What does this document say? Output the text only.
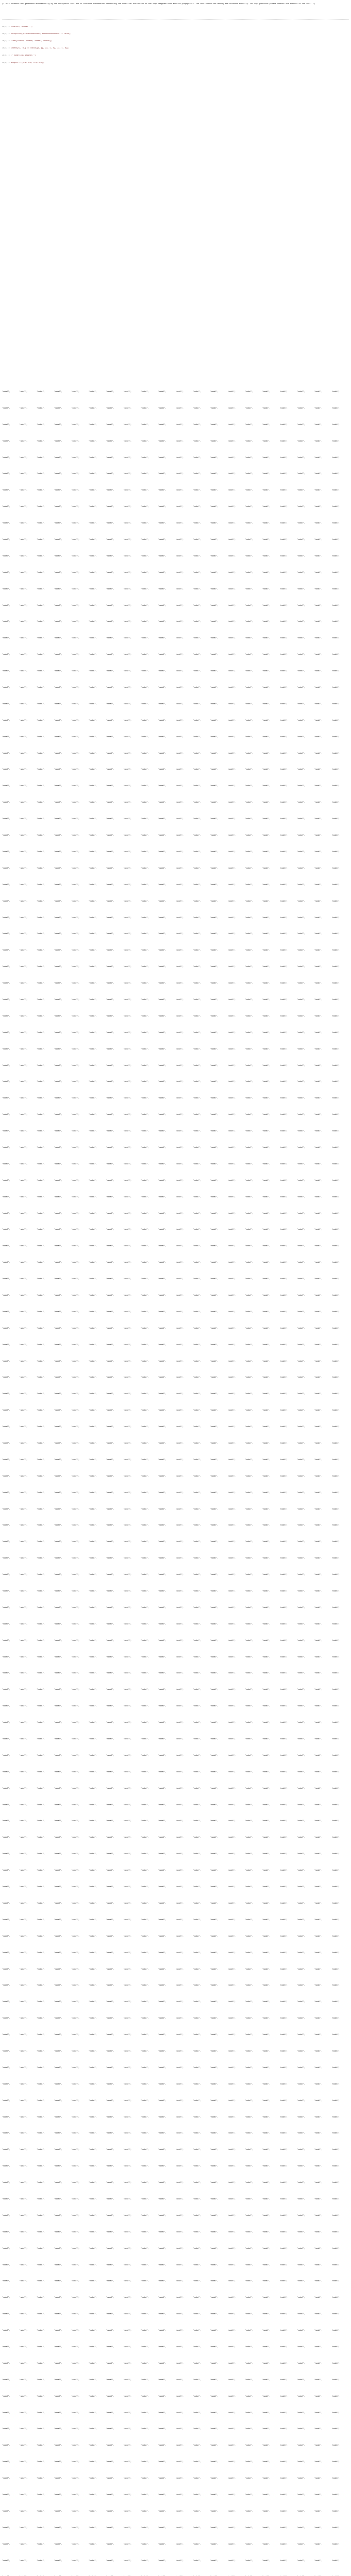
(* This notebook was generated automatically by the BCFeynArts tool and it contains information concerning the numerical evaluation of one-loop diagrams with massive propagators. The user should not modify the notebook manually. For any questions please contact the authors of the tool. *)
In[1]:= ClearAll["Global`*"]
In[2]:= SetOptions[$FrontEndSession, NotebookAutoSave -> False];
In[3]:= Clear[indexA, indexB, indexC, indexD];
In[4]:= indexA[n_, m_] := Table[{i, j}, {i, 1, n}, {j, 1, m}];
In[5]:= (* numerical weights *)
In[6]:= weights = {0.1, 0.2, 0.3, 0.4};
"nodal",	"nodal",	"nodal",	"nodal",	"nodal",	"nodal",	"nodal",	"nodal",	"nodal",	"nodal",	"nodal",	"nodal",	"nodal",	"nodal",	"nodal",	"nodal",	"nodal",	"nodal",	"nodal",	"nodal",
"nodal",	"nodal",	"nodal",	"nodal",	"nodal",	"nodal",	"nodal",	"nodal",	"nodal",	"nodal",	"nodal",	"nodal",	"nodal",	"nodal",	"nodal",	"nodal",	"nodal",	"nodal",	"nodal",	"nodal",
"nodal",	"nodal",	"nodal",	"nodal",	"nodal",	"nodal",	"nodal",	"nodal",	"nodal",	"nodal",	"nodal",	"nodal",	"nodal",	"nodal",	"nodal",	"nodal",	"nodal",	"nodal",	"nodal",	"nodal",
"nodal",	"nodal",	"nodal",	"nodal",	"nodal",	"nodal",	"nodal",	"nodal",	"nodal",	"nodal",	"nodal",	"nodal",	"nodal",	"nodal",	"nodal",	"nodal",	"nodal",	"nodal",	"nodal",	"nodal",
"nodal",	"nodal",	"nodal",	"nodal",	"nodal",	"nodal",	"nodal",	"nodal",	"nodal",	"nodal",	"nodal",	"nodal",	"nodal",	"nodal",	"nodal",	"nodal",	"nodal",	"nodal",	"nodal",	"nodal",
"nodal",	"nodal",	"nodal",	"nodal",	"nodal",	"nodal",	"nodal",	"nodal",	"nodal",	"nodal",	"nodal",	"nodal",	"nodal",	"nodal",	"nodal",	"nodal",	"nodal",	"nodal",	"nodal",	"nodal",
"nodal",	"nodal",	"nodal",	"nodal",	"nodal",	"nodal",	"nodal",	"nodal",	"nodal",	"nodal",	"nodal",	"nodal",	"nodal",	"nodal",	"nodal",	"nodal",	"nodal",	"nodal",	"nodal",	"nodal",
"nodal",	"nodal",	"nodal",	"nodal",	"nodal",	"nodal",	"nodal",	"nodal",	"nodal",	"nodal",	"nodal",	"nodal",	"nodal",	"nodal",	"nodal",	"nodal",	"nodal",	"nodal",	"nodal",	"nodal",
"nodal",	"nodal",	"nodal",	"nodal",	"nodal",	"nodal",	"nodal",	"nodal",	"nodal",	"nodal",	"nodal",	"nodal",	"nodal",	"nodal",	"nodal",	"nodal",	"nodal",	"nodal",	"nodal",	"nodal",
"nodal",	"nodal",	"nodal",	"nodal",	"nodal",	"nodal",	"nodal",	"nodal",	"nodal",	"nodal",	"nodal",	"nodal",	"nodal",	"nodal",	"nodal",	"nodal",	"nodal",	"nodal",	"nodal",	"nodal",
"nodal",	"nodal",	"nodal",	"nodal",	"nodal",	"nodal",	"nodal",	"nodal",	"nodal",	"nodal",	"nodal",	"nodal",	"nodal",	"nodal",	"nodal",	"nodal",	"nodal",	"nodal",	"nodal",	"nodal",
"nodal",	"nodal",	"nodal",	"nodal",	"nodal",	"nodal",	"nodal",	"nodal",	"nodal",	"nodal",	"nodal",	"nodal",	"nodal",	"nodal",	"nodal",	"nodal",	"nodal",	"nodal",	"nodal",	"nodal",
"nodal",	"nodal",	"nodal",	"nodal",	"nodal",	"nodal",	"nodal",	"nodal",	"nodal",	"nodal",	"nodal",	"nodal",	"nodal",	"nodal",	"nodal",	"nodal",	"nodal",	"nodal",	"nodal",	"nodal",
"nodal",	"nodal",	"nodal",	"nodal",	"nodal",	"nodal",	"nodal",	"nodal",	"nodal",	"nodal",	"nodal",	"nodal",	"nodal",	"nodal",	"nodal",	"nodal",	"nodal",	"nodal",	"nodal",	"nodal",
"nodal",	"nodal",	"nodal",	"nodal",	"nodal",	"nodal",	"nodal",	"nodal",	"nodal",	"nodal",	"nodal",	"nodal",	"nodal",	"nodal",	"nodal",	"nodal",	"nodal",	"nodal",	"nodal",	"nodal",
"nodal",	"nodal",	"nodal",	"nodal",	"nodal",	"nodal",	"nodal",	"nodal",	"nodal",	"nodal",	"nodal",	"nodal",	"nodal",	"nodal",	"nodal",	"nodal",	"nodal",	"nodal",	"nodal",	"nodal",
"nodal",	"nodal",	"nodal",	"nodal",	"nodal",	"nodal",	"nodal",	"nodal",	"nodal",	"nodal",	"nodal",	"nodal",	"nodal",	"nodal",	"nodal",	"nodal",	"nodal",	"nodal",	"nodal",	"nodal",
"nodal",	"nodal",	"nodal",	"nodal",	"nodal",	"nodal",	"nodal",	"nodal",	"nodal",	"nodal",	"nodal",	"nodal",	"nodal",	"nodal",	"nodal",	"nodal",	"nodal",	"nodal",	"nodal",	"nodal",
"nodal",	"nodal",	"nodal",	"nodal",	"nodal",	"nodal",	"nodal",	"nodal",	"nodal",	"nodal",	"nodal",	"nodal",	"nodal",	"nodal",	"nodal",	"nodal",	"nodal",	"nodal",	"nodal",	"nodal",
"nodal",	"nodal",	"nodal",	"nodal",	"nodal",	"nodal",	"nodal",	"nodal",	"nodal",	"nodal",	"nodal",	"nodal",	"nodal",	"nodal",	"nodal",	"nodal",	"nodal",	"nodal",	"nodal",	"nodal",
"nodal",	"nodal",	"nodal",	"nodal",	"nodal",	"nodal",	"nodal",	"nodal",	"nodal",	"nodal",	"nodal",	"nodal",	"nodal",	"nodal",	"nodal",	"nodal",	"nodal",	"nodal",	"nodal",	"nodal",
"nodal",	"nodal",	"nodal",	"nodal",	"nodal",	"nodal",	"nodal",	"nodal",	"nodal",	"nodal",	"nodal",	"nodal",	"nodal",	"nodal",	"nodal",	"nodal",	"nodal",	"nodal",	"nodal",	"nodal",
"nodal",	"nodal",	"nodal",	"nodal",	"nodal",	"nodal",	"nodal",	"nodal",	"nodal",	"nodal",	"nodal",	"nodal",	"nodal",	"nodal",	"nodal",	"nodal",	"nodal",	"nodal",	"nodal",	"nodal",
"nodal",	"nodal",	"nodal",	"nodal",	"nodal",	"nodal",	"nodal",	"nodal",	"nodal",	"nodal",	"nodal",	"nodal",	"nodal",	"nodal",	"nodal",	"nodal",	"nodal",	"nodal",	"nodal",	"nodal",
"nodal",	"nodal",	"nodal",	"nodal",	"nodal",	"nodal",	"nodal",	"nodal",	"nodal",	"nodal",	"nodal",	"nodal",	"nodal",	"nodal",	"nodal",	"nodal",	"nodal",	"nodal",	"nodal",	"nodal",
"nodal",	"nodal",	"nodal",	"nodal",	"nodal",	"nodal",	"nodal",	"nodal",	"nodal",	"nodal",	"nodal",	"nodal",	"nodal",	"nodal",	"nodal",	"nodal",	"nodal",	"nodal",	"nodal",	"nodal",
"nodal",	"nodal",	"nodal",	"nodal",	"nodal",	"nodal",	"nodal",	"nodal",	"nodal",	"nodal",	"nodal",	"nodal",	"nodal",	"nodal",	"nodal",	"nodal",	"nodal",	"nodal",	"nodal",	"nodal",
"nodal",	"nodal",	"nodal",	"nodal",	"nodal",	"nodal",	"nodal",	"nodal",	"nodal",	"nodal",	"nodal",	"nodal",	"nodal",	"nodal",	"nodal",	"nodal",	"nodal",	"nodal",	"nodal",	"nodal",
"nodal",	"nodal",	"nodal",	"nodal",	"nodal",	"nodal",	"nodal",	"nodal",	"nodal",	"nodal",	"nodal",	"nodal",	"nodal",	"nodal",	"nodal",	"nodal",	"nodal",	"nodal",	"nodal",	"nodal",
"nodal",	"nodal",	"nodal",	"nodal",	"nodal",	"nodal",	"nodal",	"nodal",	"nodal",	"nodal",	"nodal",	"nodal",	"nodal",	"nodal",	"nodal",	"nodal",	"nodal",	"nodal",	"nodal",	"nodal",
"nodal",	"nodal",	"nodal",	"nodal",	"nodal",	"nodal",	"nodal",	"nodal",	"nodal",	"nodal",	"nodal",	"nodal",	"nodal",	"nodal",	"nodal",	"nodal",	"nodal",	"nodal",	"nodal",	"nodal",
"nodal",	"nodal",	"nodal",	"nodal",	"nodal",	"nodal",	"nodal",	"nodal",	"nodal",	"nodal",	"nodal",	"nodal",	"nodal",	"nodal",	"nodal",	"nodal",	"nodal",	"nodal",	"nodal",	"nodal",
"nodal",	"nodal",	"nodal",	"nodal",	"nodal",	"nodal",	"nodal",	"nodal",	"nodal",	"nodal",	"nodal",	"nodal",	"nodal",	"nodal",	"nodal",	"nodal",	"nodal",	"nodal",	"nodal",	"nodal",
"nodal",	"nodal",	"nodal",	"nodal",	"nodal",	"nodal",	"nodal",	"nodal",	"nodal",	"nodal",	"nodal",	"nodal",	"nodal",	"nodal",	"nodal",	"nodal",	"nodal",	"nodal",	"nodal",	"nodal",
"nodal",	"nodal",	"nodal",	"nodal",	"nodal",	"nodal",	"nodal",	"nodal",	"nodal",	"nodal",	"nodal",	"nodal",	"nodal",	"nodal",	"nodal",	"nodal",	"nodal",	"nodal",	"nodal",	"nodal",
"nodal",	"nodal",	"nodal",	"nodal",	"nodal",	"nodal",	"nodal",	"nodal",	"nodal",	"nodal",	"nodal",	"nodal",	"nodal",	"nodal",	"nodal",	"nodal",	"nodal",	"nodal",	"nodal",	"nodal",
"nodal",	"nodal",	"nodal",	"nodal",	"nodal",	"nodal",	"nodal",	"nodal",	"nodal",	"nodal",	"nodal",	"nodal",	"nodal",	"nodal",	"nodal",	"nodal",	"nodal",	"nodal",	"nodal",	"nodal",
"nodal",	"nodal",	"nodal",	"nodal",	"nodal",	"nodal",	"nodal",	"nodal",	"nodal",	"nodal",	"nodal",	"nodal",	"nodal",	"nodal",	"nodal",	"nodal",	"nodal",	"nodal",	"nodal",	"nodal",
"nodal",	"nodal",	"nodal",	"nodal",	"nodal",	"nodal",	"nodal",	"nodal",	"nodal",	"nodal",	"nodal",	"nodal",	"nodal",	"nodal",	"nodal",	"nodal",	"nodal",	"nodal",	"nodal",	"nodal",
"nodal",	"nodal",	"nodal",	"nodal",	"nodal",	"nodal",	"nodal",	"nodal",	"nodal",	"nodal",	"nodal",	"nodal",	"nodal",	"nodal",	"nodal",	"nodal",	"nodal",	"nodal",	"nodal",	"nodal",
"nodal",	"nodal",	"nodal",	"nodal",	"nodal",	"nodal",	"nodal",	"nodal",	"nodal",	"nodal",	"nodal",	"nodal",	"nodal",	"nodal",	"nodal",	"nodal",	"nodal",	"nodal",	"nodal",	"nodal",
"nodal",	"nodal",	"nodal",	"nodal",	"nodal",	"nodal",	"nodal",	"nodal",	"nodal",	"nodal",	"nodal",	"nodal",	"nodal",	"nodal",	"nodal",	"nodal",	"nodal",	"nodal",	"nodal",	"nodal",
"nodal",	"nodal",	"nodal",	"nodal",	"nodal",	"nodal",	"nodal",	"nodal",	"nodal",	"nodal",	"nodal",	"nodal",	"nodal",	"nodal",	"nodal",	"nodal",	"nodal",	"nodal",	"nodal",	"nodal",
"nodal",	"nodal",	"nodal",	"nodal",	"nodal",	"nodal",	"nodal",	"nodal",	"nodal",	"nodal",	"nodal",	"nodal",	"nodal",	"nodal",	"nodal",	"nodal",	"nodal",	"nodal",	"nodal",	"nodal",
"nodal",	"nodal",	"nodal",	"nodal",	"nodal",	"nodal",	"nodal",	"nodal",	"nodal",	"nodal",	"nodal",	"nodal",	"nodal",	"nodal",	"nodal",	"nodal",	"nodal",	"nodal",	"nodal",	"nodal",
"nodal",	"nodal",	"nodal",	"nodal",	"nodal",	"nodal",	"nodal",	"nodal",	"nodal",	"nodal",	"nodal",	"nodal",	"nodal",	"nodal",	"nodal",	"nodal",	"nodal",	"nodal",	"nodal",	"nodal",
"nodal",	"nodal",	"nodal",	"nodal",	"nodal",	"nodal",	"nodal",	"nodal",	"nodal",	"nodal",	"nodal",	"nodal",	"nodal",	"nodal",	"nodal",	"nodal",	"nodal",	"nodal",	"nodal",	"nodal",
"nodal",	"nodal",	"nodal",	"nodal",	"nodal",	"nodal",	"nodal",	"nodal",	"nodal",	"nodal",	"nodal",	"nodal",	"nodal",	"nodal",	"nodal",	"nodal",	"nodal",	"nodal",	"nodal",	"nodal",
"nodal",	"nodal",	"nodal",	"nodal",	"nodal",	"nodal",	"nodal",	"nodal",	"nodal",	"nodal",	"nodal",	"nodal",	"nodal",	"nodal",	"nodal",	"nodal",	"nodal",	"nodal",	"nodal",	"nodal",
"nodal",	"nodal",	"nodal",	"nodal",	"nodal",	"nodal",	"nodal",	"nodal",	"nodal",	"nodal",	"nodal",	"nodal",	"nodal",	"nodal",	"nodal",	"nodal",	"nodal",	"nodal",	"nodal",	"nodal",
"nodal",	"nodal",	"nodal",	"nodal",	"nodal",	"nodal",	"nodal",	"nodal",	"nodal",	"nodal",	"nodal",	"nodal",	"nodal",	"nodal",	"nodal",	"nodal",	"nodal",	"nodal",	"nodal",	"nodal",
"nodal",	"nodal",	"nodal",	"nodal",	"nodal",	"nodal",	"nodal",	"nodal",	"nodal",	"nodal",	"nodal",	"nodal",	"nodal",	"nodal",	"nodal",	"nodal",	"nodal",	"nodal",	"nodal",	"nodal",
"nodal",	"nodal",	"nodal",	"nodal",	"nodal",	"nodal",	"nodal",	"nodal",	"nodal",	"nodal",	"nodal",	"nodal",	"nodal",	"nodal",	"nodal",	"nodal",	"nodal",	"nodal",	"nodal",	"nodal",
"nodal",	"nodal",	"nodal",	"nodal",	"nodal",	"nodal",	"nodal",	"nodal",	"nodal",	"nodal",	"nodal",	"nodal",	"nodal",	"nodal",	"nodal",	"nodal",	"nodal",	"nodal",	"nodal",	"nodal",
"nodal",	"nodal",	"nodal",	"nodal",	"nodal",	"nodal",	"nodal",	"nodal",	"nodal",	"nodal",	"nodal",	"nodal",	"nodal",	"nodal",	"nodal",	"nodal",	"nodal",	"nodal",	"nodal",	"nodal",
"nodal",	"nodal",	"nodal",	"nodal",	"nodal",	"nodal",	"nodal",	"nodal",	"nodal",	"nodal",	"nodal",	"nodal",	"nodal",	"nodal",	"nodal",	"nodal",	"nodal",	"nodal",	"nodal",	"nodal",
"nodal",	"nodal",	"nodal",	"nodal",	"nodal",	"nodal",	"nodal",	"nodal",	"nodal",	"nodal",	"nodal",	"nodal",	"nodal",	"nodal",	"nodal",	"nodal",	"nodal",	"nodal",	"nodal",	"nodal",
"nodal",	"nodal",	"nodal",	"nodal",	"nodal",	"nodal",	"nodal",	"nodal",	"nodal",	"nodal",	"nodal",	"nodal",	"nodal",	"nodal",	"nodal",	"nodal",	"nodal",	"nodal",	"nodal",	"nodal",
"nodal",	"nodal",	"nodal",	"nodal",	"nodal",	"nodal",	"nodal",	"nodal",	"nodal",	"nodal",	"nodal",	"nodal",	"nodal",	"nodal",	"nodal",	"nodal",	"nodal",	"nodal",	"nodal",	"nodal",
"nodal",	"nodal",	"nodal",	"nodal",	"nodal",	"nodal",	"nodal",	"nodal",	"nodal",	"nodal",	"nodal",	"nodal",	"nodal",	"nodal",	"nodal",	"nodal",	"nodal",	"nodal",	"nodal",	"nodal",
"nodal",	"nodal",	"nodal",	"nodal",	"nodal",	"nodal",	"nodal",	"nodal",	"nodal",	"nodal",	"nodal",	"nodal",	"nodal",	"nodal",	"nodal",	"nodal",	"nodal",	"nodal",	"nodal",	"nodal",
"nodal",	"nodal",	"nodal",	"nodal",	"nodal",	"nodal",	"nodal",	"nodal",	"nodal",	"nodal",	"nodal",	"nodal",	"nodal",	"nodal",	"nodal",	"nodal",	"nodal",	"nodal",	"nodal",	"nodal",
"nodal",	"nodal",	"nodal",	"nodal",	"nodal",	"nodal",	"nodal",	"nodal",	"nodal",	"nodal",	"nodal",	"nodal",	"nodal",	"nodal",	"nodal",	"nodal",	"nodal",	"nodal",	"nodal",	"nodal",
"nodal",	"nodal",	"nodal",	"nodal",	"nodal",	"nodal",	"nodal",	"nodal",	"nodal",	"nodal",	"nodal",	"nodal",	"nodal",	"nodal",	"nodal",	"nodal",	"nodal",	"nodal",	"nodal",	"nodal",
"nodal",	"nodal",	"nodal",	"nodal",	"nodal",	"nodal",	"nodal",	"nodal",	"nodal",	"nodal",	"nodal",	"nodal",	"nodal",	"nodal",	"nodal",	"nodal",	"nodal",	"nodal",	"nodal",	"nodal",
"nodal",	"nodal",	"nodal",	"nodal",	"nodal",	"nodal",	"nodal",	"nodal",	"nodal",	"nodal",	"nodal",	"nodal",	"nodal",	"nodal",	"nodal",	"nodal",	"nodal",	"nodal",	"nodal",	"nodal",
"nodal",	"nodal",	"nodal",	"nodal",	"nodal",	"nodal",	"nodal",	"nodal",	"nodal",	"nodal",	"nodal",	"nodal",	"nodal",	"nodal",	"nodal",	"nodal",	"nodal",	"nodal",	"nodal",	"nodal",
"nodal",	"nodal",	"nodal",	"nodal",	"nodal",	"nodal",	"nodal",	"nodal",	"nodal",	"nodal",	"nodal",	"nodal",	"nodal",	"nodal",	"nodal",	"nodal",	"nodal",	"nodal",	"nodal",	"nodal",
"nodal",	"nodal",	"nodal",	"nodal",	"nodal",	"nodal",	"nodal",	"nodal",	"nodal",	"nodal",	"nodal",	"nodal",	"nodal",	"nodal",	"nodal",	"nodal",	"nodal",	"nodal",	"nodal",	"nodal",
"nodal",	"nodal",	"nodal",	"nodal",	"nodal",	"nodal",	"nodal",	"nodal",	"nodal",	"nodal",	"nodal",	"nodal",	"nodal",	"nodal",	"nodal",	"nodal",	"nodal",	"nodal",	"nodal",	"nodal",
"nodal",	"nodal",	"nodal",	"nodal",	"nodal",	"nodal",	"nodal",	"nodal",	"nodal",	"nodal",	"nodal",	"nodal",	"nodal",	"nodal",	"nodal",	"nodal",	"nodal",	"nodal",	"nodal",	"nodal",
"nodal",	"nodal",	"nodal",	"nodal",	"nodal",	"nodal",	"nodal",	"nodal",	"nodal",	"nodal",	"nodal",	"nodal",	"nodal",	"nodal",	"nodal",	"nodal",	"nodal",	"nodal",	"nodal",	"nodal",
"nodal",	"nodal",	"nodal",	"nodal",	"nodal",	"nodal",	"nodal",	"nodal",	"nodal",	"nodal",	"nodal",	"nodal",	"nodal",	"nodal",	"nodal",	"nodal",	"nodal",	"nodal",	"nodal",	"nodal",
"nodal",	"nodal",	"nodal",	"nodal",	"nodal",	"nodal",	"nodal",	"nodal",	"nodal",	"nodal",	"nodal",	"nodal",	"nodal",	"nodal",	"nodal",	"nodal",	"nodal",	"nodal",	"nodal",	"nodal",
"nodal",	"nodal",	"nodal",	"nodal",	"nodal",	"nodal",	"nodal",	"nodal",	"nodal",	"nodal",	"nodal",	"nodal",	"nodal",	"nodal",	"nodal",	"nodal",	"nodal",	"nodal",	"nodal",	"nodal",
"nodal",	"nodal",	"nodal",	"nodal",	"nodal",	"nodal",	"nodal",	"nodal",	"nodal",	"nodal",	"nodal",	"nodal",	"nodal",	"nodal",	"nodal",	"nodal",	"nodal",	"nodal",	"nodal",	"nodal",
"nodal",	"nodal",	"nodal",	"nodal",	"nodal",	"nodal",	"nodal",	"nodal",	"nodal",	"nodal",	"nodal",	"nodal",	"nodal",	"nodal",	"nodal",	"nodal",	"nodal",	"nodal",	"nodal",	"nodal",
"nodal",	"nodal",	"nodal",	"nodal",	"nodal",	"nodal",	"nodal",	"nodal",	"nodal",	"nodal",	"nodal",	"nodal",	"nodal",	"nodal",	"nodal",	"nodal",	"nodal",	"nodal",	"nodal",	"nodal",
"nodal",	"nodal",	"nodal",	"nodal",	"nodal",	"nodal",	"nodal",	"nodal",	"nodal",	"nodal",	"nodal",	"nodal",	"nodal",	"nodal",	"nodal",	"nodal",	"nodal",	"nodal",	"nodal",	"nodal",
"nodal",	"nodal",	"nodal",	"nodal",	"nodal",	"nodal",	"nodal",	"nodal",	"nodal",	"nodal",	"nodal",	"nodal",	"nodal",	"nodal",	"nodal",	"nodal",	"nodal",	"nodal",	"nodal",	"nodal",
"nodal",	"nodal",	"nodal",	"nodal",	"nodal",	"nodal",	"nodal",	"nodal",	"nodal",	"nodal",	"nodal",	"nodal",	"nodal",	"nodal",	"nodal",	"nodal",	"nodal",	"nodal",	"nodal",	"nodal",
"nodal",	"nodal",	"nodal",	"nodal",	"nodal",	"nodal",	"nodal",	"nodal",	"nodal",	"nodal",	"nodal",	"nodal",	"nodal",	"nodal",	"nodal",	"nodal",	"nodal",	"nodal",	"nodal",	"nodal",
"nodal",	"nodal",	"nodal",	"nodal",	"nodal",	"nodal",	"nodal",	"nodal",	"nodal",	"nodal",	"nodal",	"nodal",	"nodal",	"nodal",	"nodal",	"nodal",	"nodal",	"nodal",	"nodal",	"nodal",
"nodal",	"nodal",	"nodal",	"nodal",	"nodal",	"nodal",	"nodal",	"nodal",	"nodal",	"nodal",	"nodal",	"nodal",	"nodal",	"nodal",	"nodal",	"nodal",	"nodal",	"nodal",	"nodal",	"nodal",
"nodal",	"nodal",	"nodal",	"nodal",	"nodal",	"nodal",	"nodal",	"nodal",	"nodal",	"nodal",	"nodal",	"nodal",	"nodal",	"nodal",	"nodal",	"nodal",	"nodal",	"nodal",	"nodal",	"nodal",
"nodal",	"nodal",	"nodal",	"nodal",	"nodal",	"nodal",	"nodal",	"nodal",	"nodal",	"nodal",	"nodal",	"nodal",	"nodal",	"nodal",	"nodal",	"nodal",	"nodal",	"nodal",	"nodal",	"nodal",
"nodal",	"nodal",	"nodal",	"nodal",	"nodal",	"nodal",	"nodal",	"nodal",	"nodal",	"nodal",	"nodal",	"nodal",	"nodal",	"nodal",	"nodal",	"nodal",	"nodal",	"nodal",	"nodal",	"nodal",
"nodal",	"nodal",	"nodal",	"nodal",	"nodal",	"nodal",	"nodal",	"nodal",	"nodal",	"nodal",	"nodal",	"nodal",	"nodal",	"nodal",	"nodal",	"nodal",	"nodal",	"nodal",	"nodal",	"nodal",
"nodal",	"nodal",	"nodal",	"nodal",	"nodal",	"nodal",	"nodal",	"nodal",	"nodal",	"nodal",	"nodal",	"nodal",	"nodal",	"nodal",	"nodal",	"nodal",	"nodal",	"nodal",	"nodal",	"nodal",
"nodal",	"nodal",	"nodal",	"nodal",	"nodal",	"nodal",	"nodal",	"nodal",	"nodal",	"nodal",	"nodal",	"nodal",	"nodal",	"nodal",	"nodal",	"nodal",	"nodal",	"nodal",	"nodal",	"nodal",
"nodal",	"nodal",	"nodal",	"nodal",	"nodal",	"nodal",	"nodal",	"nodal",	"nodal",	"nodal",	"nodal",	"nodal",	"nodal",	"nodal",	"nodal",	"nodal",	"nodal",	"nodal",	"nodal",	"nodal",
"nodal",	"nodal",	"nodal",	"nodal",	"nodal",	"nodal",	"nodal",	"nodal",	"nodal",	"nodal",	"nodal",	"nodal",	"nodal",	"nodal",	"nodal",	"nodal",	"nodal",	"nodal",	"nodal",	"nodal",
"nodal",	"nodal",	"nodal",	"nodal",	"nodal",	"nodal",	"nodal",	"nodal",	"nodal",	"nodal",	"nodal",	"nodal",	"nodal",	"nodal",	"nodal",	"nodal",	"nodal",	"nodal",	"nodal",	"nodal",
"nodal",	"nodal",	"nodal",	"nodal",	"nodal",	"nodal",	"nodal",	"nodal",	"nodal",	"nodal",	"nodal",	"nodal",	"nodal",	"nodal",	"nodal",	"nodal",	"nodal",	"nodal",	"nodal",	"nodal",
"nodal",	"nodal",	"nodal",	"nodal",	"nodal",	"nodal",	"nodal",	"nodal",	"nodal",	"nodal",	"nodal",	"nodal",	"nodal",	"nodal",	"nodal",	"nodal",	"nodal",	"nodal",	"nodal",	"nodal",
"nodal",	"nodal",	"nodal",	"nodal",	"nodal",	"nodal",	"nodal",	"nodal",	"nodal",	"nodal",	"nodal",	"nodal",	"nodal",	"nodal",	"nodal",	"nodal",	"nodal",	"nodal",	"nodal",	"nodal",
"nodal",	"nodal",	"nodal",	"nodal",	"nodal",	"nodal",	"nodal",	"nodal",	"nodal",	"nodal",	"nodal",	"nodal",	"nodal",	"nodal",	"nodal",	"nodal",	"nodal",	"nodal",	"nodal",	"nodal",
"nodal",	"nodal",	"nodal",	"nodal",	"nodal",	"nodal",	"nodal",	"nodal",	"nodal",	"nodal",	"nodal",	"nodal",	"nodal",	"nodal",	"nodal",	"nodal",	"nodal",	"nodal",	"nodal",	"nodal",
"nodal",	"nodal",	"nodal",	"nodal",	"nodal",	"nodal",	"nodal",	"nodal",	"nodal",	"nodal",	"nodal",	"nodal",	"nodal",	"nodal",	"nodal",	"nodal",	"nodal",	"nodal",	"nodal",	"nodal",
"nodal",	"nodal",	"nodal",	"nodal",	"nodal",	"nodal",	"nodal",	"nodal",	"nodal",	"nodal",	"nodal",	"nodal",	"nodal",	"nodal",	"nodal",	"nodal",	"nodal",	"nodal",	"nodal",	"nodal",
"nodal",	"nodal",	"nodal",	"nodal",	"nodal",	"nodal",	"nodal",	"nodal",	"nodal",	"nodal",	"nodal",	"nodal",	"nodal",	"nodal",	"nodal",	"nodal",	"nodal",	"nodal",	"nodal",	"nodal",
"nodal",	"nodal",	"nodal",	"nodal",	"nodal",	"nodal",	"nodal",	"nodal",	"nodal",	"nodal",	"nodal",	"nodal",	"nodal",	"nodal",	"nodal",	"nodal",	"nodal",	"nodal",	"nodal",	"nodal",
"nodal",	"nodal",	"nodal",	"nodal",	"nodal",	"nodal",	"nodal",	"nodal",	"nodal",	"nodal",	"nodal",	"nodal",	"nodal",	"nodal",	"nodal",	"nodal",	"nodal",	"nodal",	"nodal",	"nodal",
"nodal",	"nodal",	"nodal",	"nodal",	"nodal",	"nodal",	"nodal",	"nodal",	"nodal",	"nodal",	"nodal",	"nodal",	"nodal",	"nodal",	"nodal",	"nodal",	"nodal",	"nodal",	"nodal",	"nodal",
"nodal",	"nodal",	"nodal",	"nodal",	"nodal",	"nodal",	"nodal",	"nodal",	"nodal",	"nodal",	"nodal",	"nodal",	"nodal",	"nodal",	"nodal",	"nodal",	"nodal",	"nodal",	"nodal",	"nodal",
"nodal",	"nodal",	"nodal",	"nodal",	"nodal",	"nodal",	"nodal",	"nodal",	"nodal",	"nodal",	"nodal",	"nodal",	"nodal",	"nodal",	"nodal",	"nodal",	"nodal",	"nodal",	"nodal",	"nodal",
"nodal",	"nodal",	"nodal",	"nodal",	"nodal",	"nodal",	"nodal",	"nodal",	"nodal",	"nodal",	"nodal",	"nodal",	"nodal",	"nodal",	"nodal",	"nodal",	"nodal",	"nodal",	"nodal",	"nodal",
"nodal",	"nodal",	"nodal",	"nodal",	"nodal",	"nodal",	"nodal",	"nodal",	"nodal",	"nodal",	"nodal",	"nodal",	"nodal",	"nodal",	"nodal",	"nodal",	"nodal",	"nodal",	"nodal",	"nodal",
"nodal",	"nodal",	"nodal",	"nodal",	"nodal",	"nodal",	"nodal",	"nodal",	"nodal",	"nodal",	"nodal",	"nodal",	"nodal",	"nodal",	"nodal",	"nodal",	"nodal",	"nodal",	"nodal",	"nodal",
"nodal",	"nodal",	"nodal",	"nodal",	"nodal",	"nodal",	"nodal",	"nodal",	"nodal",	"nodal",	"nodal",	"nodal",	"nodal",	"nodal",	"nodal",	"nodal",	"nodal",	"nodal",	"nodal",	"nodal",
"nodal",	"nodal",	"nodal",	"nodal",	"nodal",	"nodal",	"nodal",	"nodal",	"nodal",	"nodal",	"nodal",	"nodal",	"nodal",	"nodal",	"nodal",	"nodal",	"nodal",	"nodal",	"nodal",	"nodal",
"nodal",	"nodal",	"nodal",	"nodal",	"nodal",	"nodal",	"nodal",	"nodal",	"nodal",	"nodal",	"nodal",	"nodal",	"nodal",	"nodal",	"nodal",	"nodal",	"nodal",	"nodal",	"nodal",	"nodal",
"nodal",	"nodal",	"nodal",	"nodal",	"nodal",	"nodal",	"nodal",	"nodal",	"nodal",	"nodal",	"nodal",	"nodal",	"nodal",	"nodal",	"nodal",	"nodal",	"nodal",	"nodal",	"nodal",	"nodal",
"nodal",	"nodal",	"nodal",	"nodal",	"nodal",	"nodal",	"nodal",	"nodal",	"nodal",	"nodal",	"nodal",	"nodal",	"nodal",	"nodal",	"nodal",	"nodal",	"nodal",	"nodal",	"nodal",	"nodal",
"nodal",	"nodal",	"nodal",	"nodal",	"nodal",	"nodal",	"nodal",	"nodal",	"nodal",	"nodal",	"nodal",	"nodal",	"nodal",	"nodal",	"nodal",	"nodal",	"nodal",	"nodal",	"nodal",	"nodal",
"nodal",	"nodal",	"nodal",	"nodal",	"nodal",	"nodal",	"nodal",	"nodal",	"nodal",	"nodal",	"nodal",	"nodal",	"nodal",	"nodal",	"nodal",	"nodal",	"nodal",	"nodal",	"nodal",	"nodal",
"nodal",	"nodal",	"nodal",	"nodal",	"nodal",	"nodal",	"nodal",	"nodal",	"nodal",	"nodal",	"nodal",	"nodal",	"nodal",	"nodal",	"nodal",	"nodal",	"nodal",	"nodal",	"nodal",	"nodal",
"nodal",	"nodal",	"nodal",	"nodal",	"nodal",	"nodal",	"nodal",	"nodal",	"nodal",	"nodal",	"nodal",	"nodal",	"nodal",	"nodal",	"nodal",	"nodal",	"nodal",	"nodal",	"nodal",	"nodal",
"nodal",	"nodal",	"nodal",	"nodal",	"nodal",	"nodal",	"nodal",	"nodal",	"nodal",	"nodal",	"nodal",	"nodal",	"nodal",	"nodal",	"nodal",	"nodal",	"nodal",	"nodal",	"nodal",	"nodal",
"nodal",	"nodal",	"nodal",	"nodal",	"nodal",	"nodal",	"nodal",	"nodal",	"nodal",	"nodal",	"nodal",	"nodal",	"nodal",	"nodal",	"nodal",	"nodal",	"nodal",	"nodal",	"nodal",	"nodal",
"nodal",	"nodal",	"nodal",	"nodal",	"nodal",	"nodal",	"nodal",	"nodal",	"nodal",	"nodal",	"nodal",	"nodal",	"nodal",	"nodal",	"nodal",	"nodal",	"nodal",	"nodal",	"nodal",	"nodal",
"nodal",	"nodal",	"nodal",	"nodal",	"nodal",	"nodal",	"nodal",	"nodal",	"nodal",	"nodal",	"nodal",	"nodal",	"nodal",	"nodal",	"nodal",	"nodal",	"nodal",	"nodal",	"nodal",	"nodal",
"nodal",	"nodal",	"nodal",	"nodal",	"nodal",	"nodal",	"nodal",	"nodal",	"nodal",	"nodal",	"nodal",	"nodal",	"nodal",	"nodal",	"nodal",	"nodal",	"nodal",	"nodal",	"nodal",	"nodal",
"nodal",	"nodal",	"nodal",	"nodal",	"nodal",	"nodal",	"nodal",	"nodal",	"nodal",	"nodal",	"nodal",	"nodal",	"nodal",	"nodal",	"nodal",	"nodal",	"nodal",	"nodal",	"nodal",	"nodal",
"nodal",	"nodal",	"nodal",	"nodal",	"nodal",	"nodal",	"nodal",	"nodal",	"nodal",	"nodal",	"nodal",	"nodal",	"nodal",	"nodal",	"nodal",	"nodal",	"nodal",	"nodal",	"nodal",	"nodal",
"nodal",	"nodal",	"nodal",	"nodal",	"nodal",	"nodal",	"nodal",	"nodal",	"nodal",	"nodal",	"nodal",	"nodal",	"nodal",	"nodal",	"nodal",	"nodal",	"nodal",	"nodal",	"nodal",	"nodal",
"nodal",	"nodal",	"nodal",	"nodal",	"nodal",	"nodal",	"nodal",	"nodal",	"nodal",	"nodal",	"nodal",	"nodal",	"nodal",	"nodal",	"nodal",	"nodal",	"nodal",	"nodal",	"nodal",	"nodal",
"nodal",	"nodal",	"nodal",	"nodal",	"nodal",	"nodal",	"nodal",	"nodal",	"nodal",	"nodal",	"nodal",	"nodal",	"nodal",	"nodal",	"nodal",	"nodal",	"nodal",	"nodal",	"nodal",	"nodal",
"nodal",	"nodal",	"nodal",	"nodal",	"nodal",	"nodal",	"nodal",	"nodal",	"nodal",	"nodal",	"nodal",	"nodal",	"nodal",	"nodal",	"nodal",	"nodal",	"nodal",	"nodal",	"nodal",	"nodal",
"nodal",	"nodal",	"nodal",	"nodal",	"nodal",	"nodal",	"nodal",	"nodal",	"nodal",	"nodal",	"nodal",	"nodal",	"nodal",	"nodal",	"nodal",	"nodal",	"nodal",	"nodal",	"nodal",	"nodal",
"nodal",	"nodal",	"nodal",	"nodal",	"nodal",	"nodal",	"nodal",	"nodal",	"nodal",	"nodal",	"nodal",	"nodal",	"nodal",	"nodal",	"nodal",	"nodal",	"nodal",	"nodal",	"nodal",	"nodal",
"nodal",	"nodal",	"nodal",	"nodal",	"nodal",	"nodal",	"nodal",	"nodal",	"nodal",	"nodal",	"nodal",	"nodal",	"nodal",	"nodal",	"nodal",	"nodal",	"nodal",	"nodal",	"nodal",	"nodal",
"nodal",	"nodal",	"nodal",	"nodal",	"nodal",	"nodal",	"nodal",	"nodal",	"nodal",	"nodal",	"nodal",	"nodal",	"nodal",	"nodal",	"nodal",	"nodal",	"nodal",	"nodal",	"nodal",	"nodal",
